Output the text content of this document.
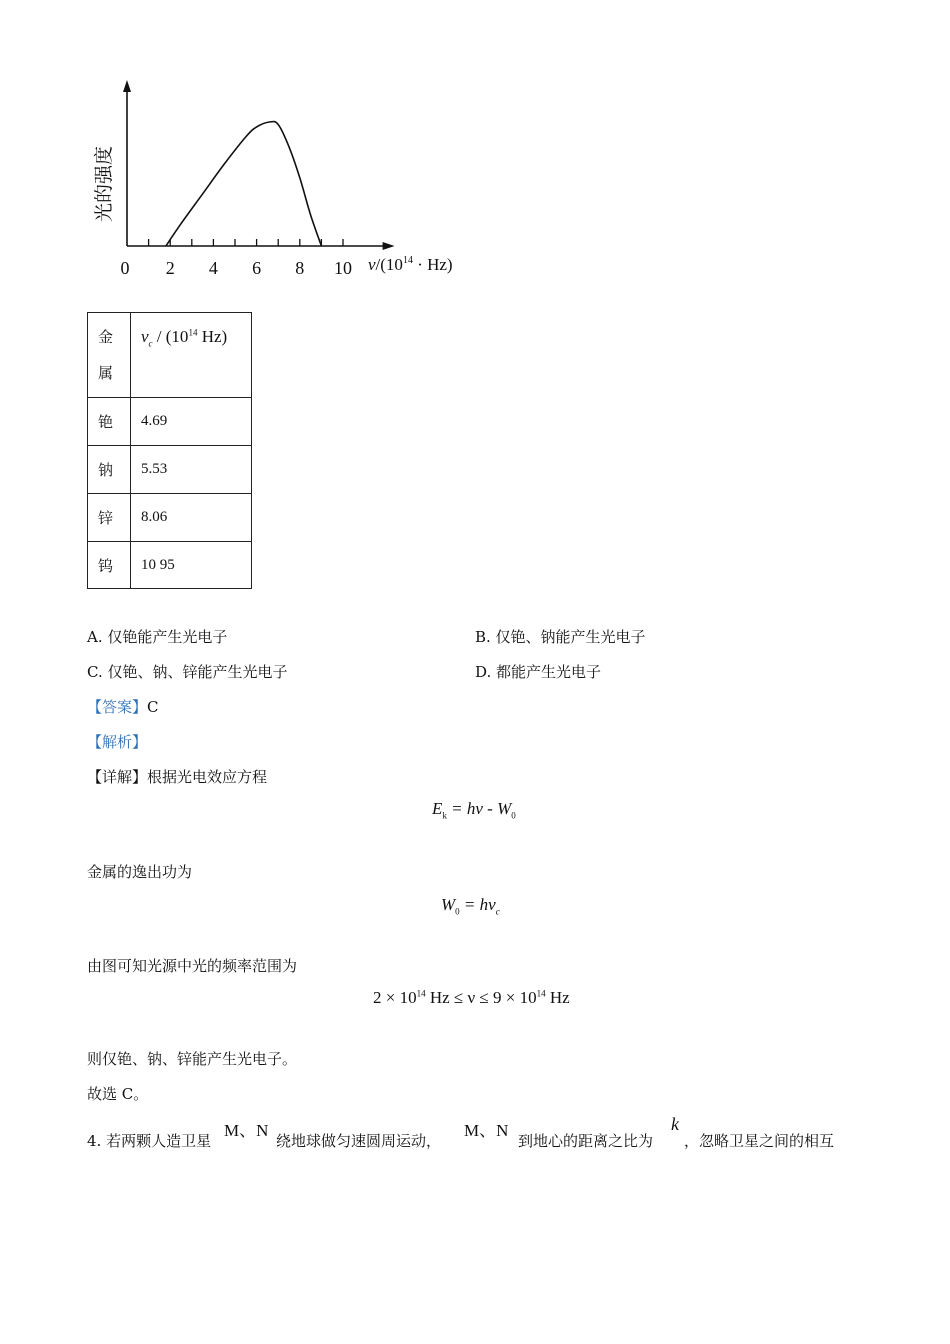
0 2 4 6 8 10
光的强度
$\nu/(10^{14} \cdot Hz)$
金
属	$\nu_c / (10^{14}$ Hz)
铯	4.69
钠	5.53
锌	8.06
钨	10 95
A. 仅铯能产生光电子	B. 仅铯、钠能产生光电子
C. 仅铯、钠、锌能产生光电子	D. 都能产生光电子
【答案】C
【解析】
【详解】根据光电效应方程
$E_k = h\nu - W_0$
金属的逸出功为
$W_0 = h\nu_c$
由图可知光源中光的频率范围为
$2 \times 10^{14}$ $Hz \le \nu \le 9 \times 10^{14}$ Hz
则仅铯、钠、锌能产生光电子。
故选 C。
4. 若两颗人造卫星
M、N
绕地球做匀速圆周运动，
M、N
到地心的距离之比为
k
，忽略卫星之间的相互
